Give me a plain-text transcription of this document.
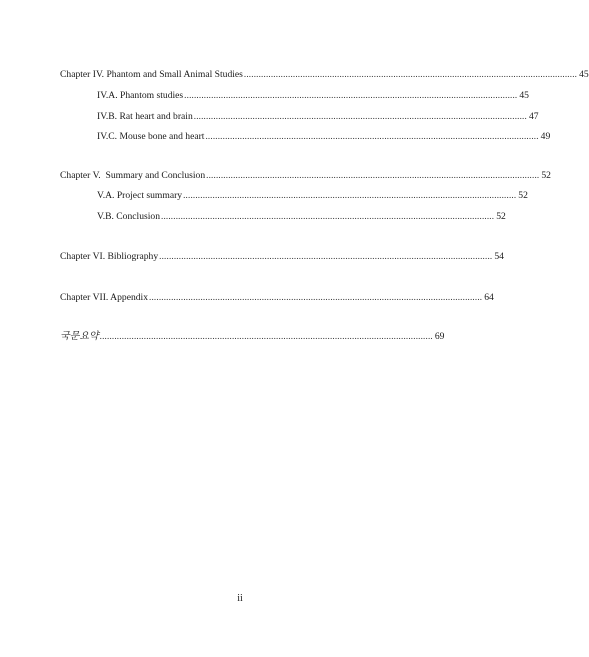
Chapter IV. Phantom and Small Animal Studies ........................................................................................................................................ 45
IV.A. Phantom studies ........................................................................................................................................ 45
IV.B. Rat heart and brain ........................................................................................................................................ 47
IV.C. Mouse bone and heart ........................................................................................................................................ 49
Chapter V.  Summary and Conclusion ........................................................................................................................................ 52
V.A. Project summary ........................................................................................................................................ 52
V.B. Conclusion ........................................................................................................................................ 52
Chapter VI. Bibliography ........................................................................................................................................ 54
Chapter VII. Appendix ........................................................................................................................................ 64
국문요약 ........................................................................................................................................ 69
ii
